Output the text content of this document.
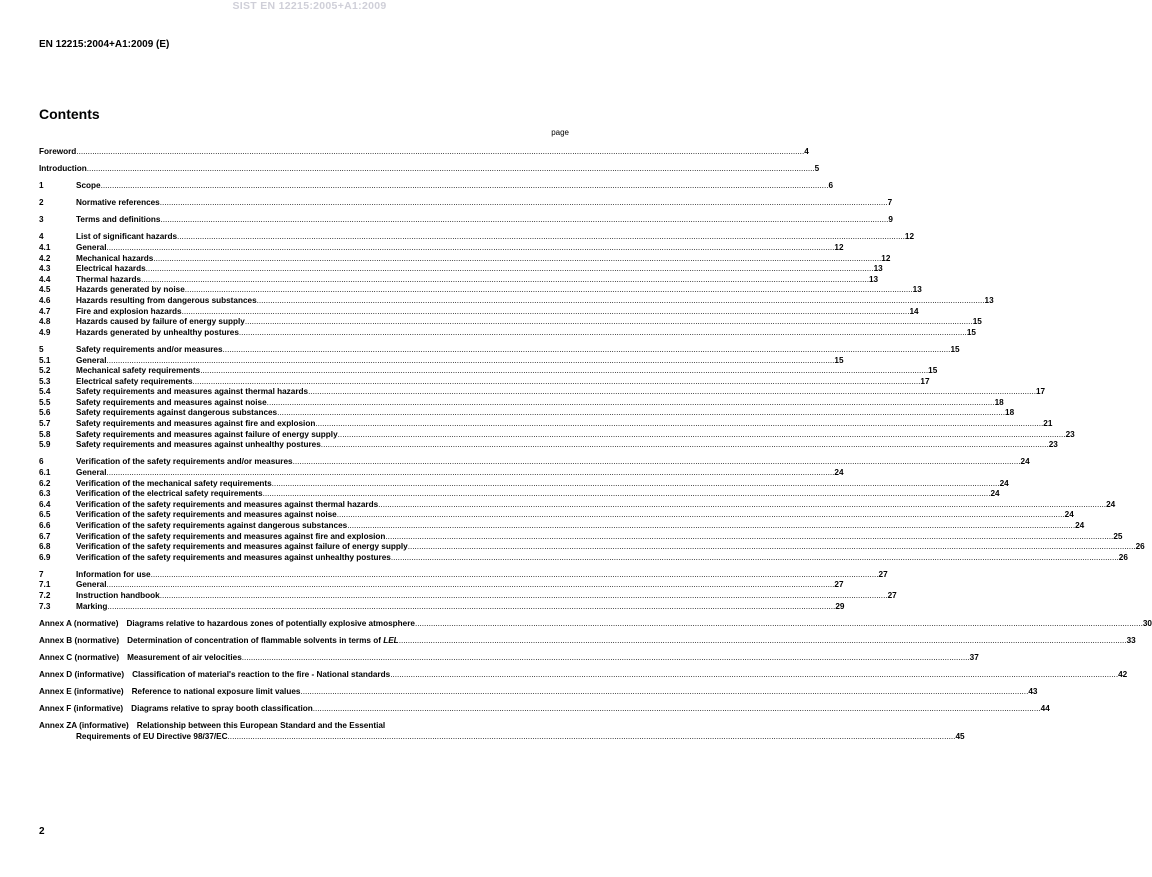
SIST EN 12215:2005+A1:2009
EN 12215:2004+A1:2009 (E)
Contents
page
Foreword .....	4
Introduction .....	5
1	Scope .....	6
2	Normative references .....	7
3	Terms and definitions .....	9
4	List of significant hazards .....	12
4.1	General .....	12
4.2	Mechanical hazards .....	12
4.3	Electrical hazards .....	13
4.4	Thermal hazards .....	13
4.5	Hazards generated by noise .....	13
4.6	Hazards resulting from dangerous substances .....	13
4.7	Fire and explosion hazards .....	14
4.8	Hazards caused by failure of energy supply .....	15
4.9	Hazards generated by unhealthy postures .....	15
5	Safety requirements and/or measures .....	15
5.1	General .....	15
5.2	Mechanical safety requirements .....	15
5.3	Electrical safety requirements .....	17
5.4	Safety requirements and measures against thermal hazards .....	17
5.5	Safety requirements and measures against noise .....	18
5.6	Safety requirements against dangerous substances .....	18
5.7	Safety requirements and measures against fire and explosion .....	21
5.8	Safety requirements and measures against failure of energy supply .....	23
5.9	Safety requirements and measures against unhealthy postures .....	23
6	Verification of the safety requirements and/or measures .....	24
6.1	General .....	24
6.2	Verification of the mechanical safety requirements .....	24
6.3	Verification of the electrical safety requirements .....	24
6.4	Verification of the safety requirements and measures against thermal hazards .....	24
6.5	Verification of the safety requirements and measures against noise .....	24
6.6	Verification of the safety requirements against dangerous substances .....	24
6.7	Verification of the safety requirements and measures against fire and explosion .....	25
6.8	Verification of the safety requirements and measures against failure of energy supply .....	26
6.9	Verification of the safety requirements and measures against unhealthy postures .....	26
7	Information for use .....	27
7.1	General .....	27
7.2	Instruction handbook .....	27
7.3	Marking .....	29
Annex A (normative) Diagrams relative to hazardous zones of potentially explosive atmosphere .....	30
Annex B (normative) Determination of concentration of flammable solvents in terms of LEL .....	33
Annex C (normative) Measurement of air velocities .....	37
Annex D (informative) Classification of material's reaction to the fire - National standards .....	42
Annex E (informative) Reference to national exposure limit values .....	43
Annex F (informative) Diagrams relative to spray booth classification .....	44
Annex ZA (informative) Relationship between this European Standard and the Essential
Requirements of EU Directive 98/37/EC .....	45
2
